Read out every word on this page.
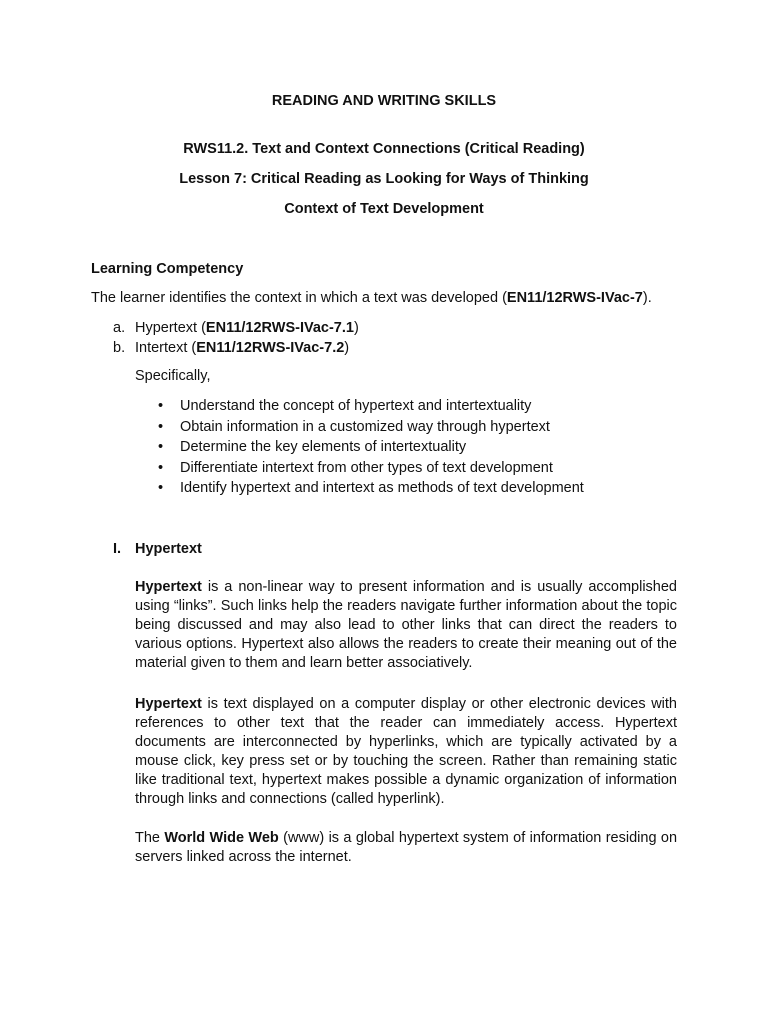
READING AND WRITING SKILLS
RWS11.2. Text and Context Connections (Critical Reading)
Lesson 7: Critical Reading as Looking for Ways of Thinking
Context of Text Development
Learning Competency
The learner identifies the context in which a text was developed (EN11/12RWS-IVac-7).
a. Hypertext (EN11/12RWS-IVac-7.1)
b. Intertext (EN11/12RWS-IVac-7.2)
Specifically,
• Understand the concept of hypertext and intertextuality
• Obtain information in a customized way through hypertext
• Determine the key elements of intertextuality
• Differentiate intertext from other types of text development
• Identify hypertext and intertext as methods of text development
I. Hypertext
Hypertext is a non-linear way to present information and is usually accomplished using “links”. Such links help the readers navigate further information about the topic being discussed and may also lead to other links that can direct the readers to various options. Hypertext also allows the readers to create their meaning out of the material given to them and learn better associatively.
Hypertext is text displayed on a computer display or other electronic devices with references to other text that the reader can immediately access. Hypertext documents are interconnected by hyperlinks, which are typically activated by a mouse click, key press set or by touching the screen. Rather than remaining static like traditional text, hypertext makes possible a dynamic organization of information through links and connections (called hyperlink).
The World Wide Web (www) is a global hypertext system of information residing on servers linked across the internet.
